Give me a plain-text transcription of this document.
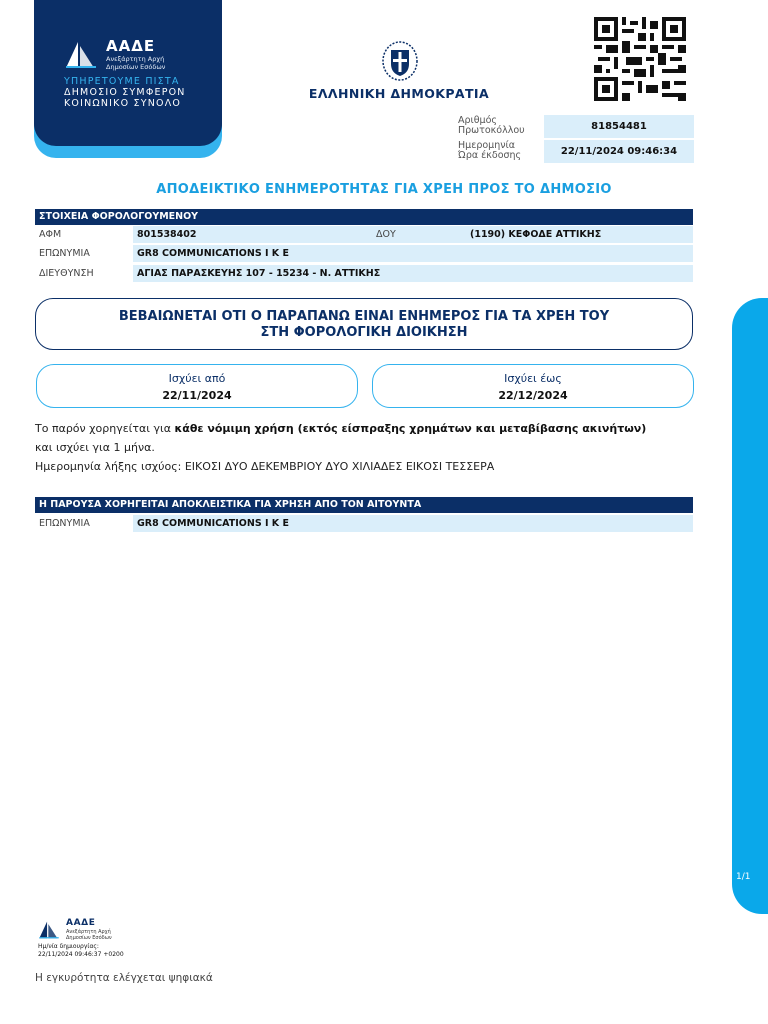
ΑΑΔΕ
Ανεξάρτητη Αρχή Δημοσίων Εσόδων
ΥΠΗΡΕΤΟΥΜΕ ΠΙΣΤΑ
ΔΗΜΟΣΙΟ ΣΥΜΦΕΡΟΝ
ΚΟΙΝΩΝΙΚΟ ΣΥΝΟΛΟ
ΕΛΛΗΝΙΚΗ ΔΗΜΟΚΡΑΤΙΑ
Αριθμός
Πρωτοκόλλου	81854481
Ημερομηνία
Ώρα έκδοσης	22/11/2024 09:46:34
ΑΠΟΔΕΙΚΤΙΚΟ ΕΝΗΜΕΡΟΤΗΤΑΣ ΓΙΑ ΧΡΕΗ ΠΡΟΣ ΤΟ ΔΗΜΟΣΙΟ
ΣΤΟΙΧΕΙΑ ΦΟΡΟΛΟΓΟΥΜΕΝΟΥ
ΑΦΜ	801538402	ΔΟΥ	(1190) ΚΕΦΟΔΕ ΑΤΤΙΚΗΣ
ΕΠΩΝΥΜΙΑ	GR8 COMMUNICATIONS I K E
ΔΙΕΥΘΥΝΣΗ	ΑΓΙΑΣ ΠΑΡΑΣΚΕΥΗΣ 107 - 15234 - Ν. ΑΤΤΙΚΗΣ
ΒΕΒΑΙΩΝΕΤΑΙ ΟΤΙ Ο ΠΑΡΑΠΑΝΩ ΕΙΝΑΙ ΕΝΗΜΕΡΟΣ ΓΙΑ ΤΑ ΧΡΕΗ ΤΟΥ
ΣΤΗ ΦΟΡΟΛΟΓΙΚΗ ΔΙΟΙΚΗΣΗ
Ισχύει από
22/11/2024
Ισχύει έως
22/12/2024
Το παρόν χορηγείται για κάθε νόμιμη χρήση (εκτός είσπραξης χρημάτων και μεταβίβασης ακινήτων)
και ισχύει για 1 μήνα.
Ημερομηνία λήξης ισχύος: ΕΙΚΟΣΙ ΔΥΟ ΔΕΚΕΜΒΡΙΟΥ ΔΥΟ ΧΙΛΙΑΔΕΣ ΕΙΚΟΣΙ ΤΕΣΣΕΡΑ
Η ΠΑΡΟΥΣΑ ΧΟΡΗΓΕΙΤΑΙ ΑΠΟΚΛΕΙΣΤΙΚΑ ΓΙΑ ΧΡΗΣΗ ΑΠΟ ΤΟΝ ΑΙΤΟΥΝΤΑ
ΕΠΩΝΥΜΙΑ	GR8 COMMUNICATIONS I K E
1/1
ΑΑΔΕ
Ανεξάρτητη Αρχή Δημοσίων Εσόδων
Ημ/νία δημιουργίας:
22/11/2024 09:46:37 +0200
Η εγκυρότητα ελέγχεται ψηφιακά
